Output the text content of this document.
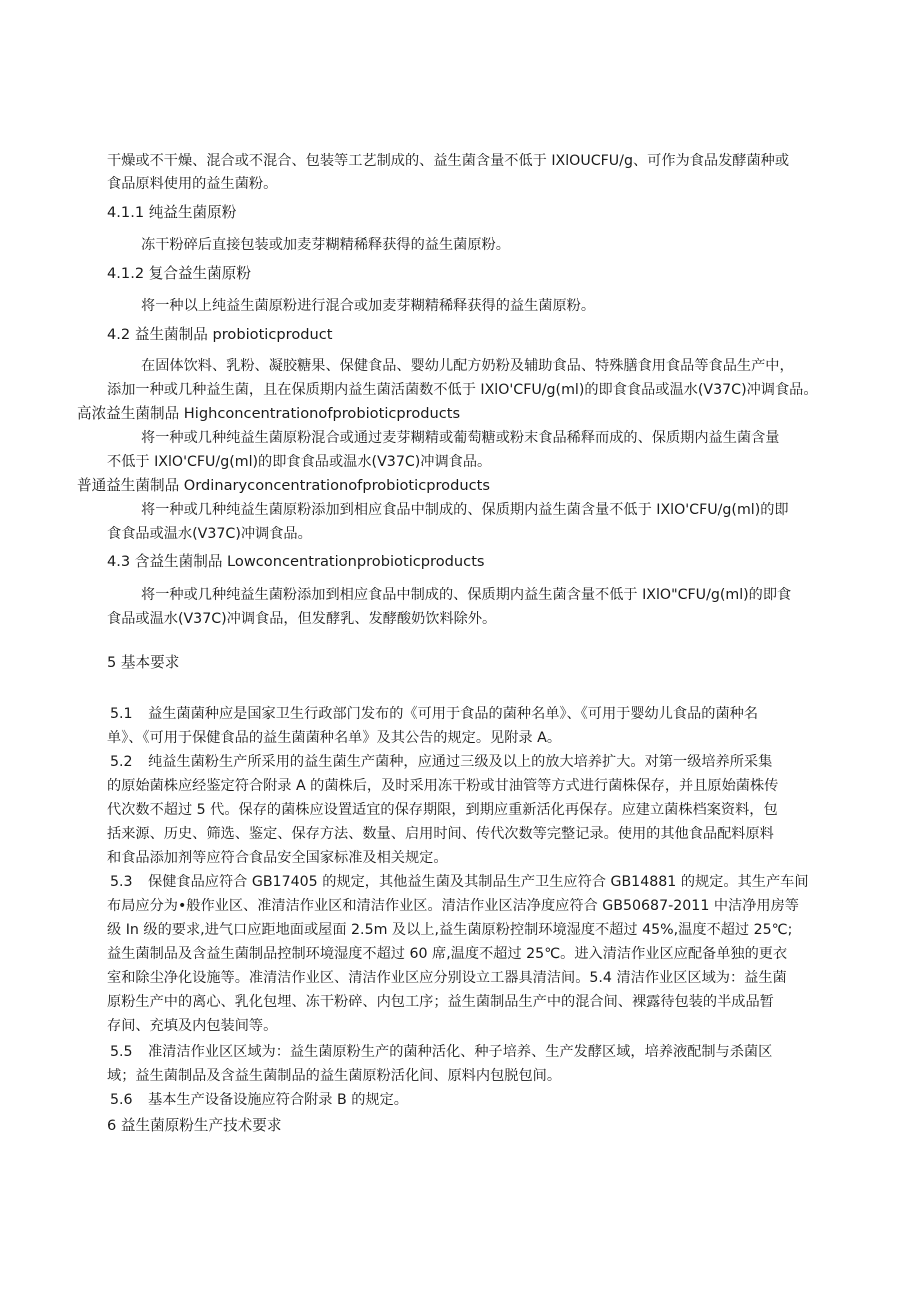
干燥或不干燥、混合或不混合、包装等工艺制成的、益生菌含量不低于 IXlOUCFU/g、可作为食品发酵菌种或
食品原料使用的益生菌粉。
4.1.1 纯益生菌原粉
冻干粉碎后直接包装或加麦芽糊精稀释获得的益生菌原粉。
4.1.2 复合益生菌原粉
将一种以上纯益生菌原粉进行混合或加麦芽糊精稀释获得的益生菌原粉。
4.2 益生菌制品 probioticproduct
在固体饮料、乳粉、凝胶糖果、保健食品、婴幼儿配方奶粉及辅助食品、特殊膳食用食品等食品生产中，
添加一种或几种益生菌，且在保质期内益生菌活菌数不低于 IXlO'CFU/g(ml)的即食食品或温水(V37C)冲调食品。
高浓益生菌制品 Highconcentrationofprobioticproducts
将一种或几种纯益生菌原粉混合或通过麦芽糊精或葡萄糖或粉末食品稀释而成的、保质期内益生菌含量
不低于 IXlO'CFU/g(ml)的即食食品或温水(V37C)冲调食品。
普通益生菌制品 Ordinaryconcentrationofprobioticproducts
将一种或几种纯益生菌原粉添加到相应食品中制成的、保质期内益生菌含量不低于 IXlO'CFU∕g(ml)的即
食食品或温水(V37C)冲调食品。
4.3 含益生菌制品 Lowconcentrationprobioticproducts
将一种或几种纯益生菌粉添加到相应食品中制成的、保质期内益生菌含量不低于 IXlO"CFU∕g(ml)的即食
食品或温水(V37C)冲调食品，但发酵乳、发酵酸奶饮料除外。
5 基本要求
5.1 益生菌菌种应是国家卫生行政部门发布的《可用于食品的菌种名单》、《可用于婴幼儿食品的菌种名
单》、《可用于保健食品的益生菌菌种名单》及其公告的规定。见附录 A。
5.2 纯益生菌粉生产所采用的益生菌生产菌种，应通过三级及以上的放大培养扩大。对第一级培养所采集
的原始菌株应经鉴定符合附录 A 的菌株后，及时采用冻干粉或甘油管等方式进行菌株保存，并且原始菌株传
代次数不超过 5 代。保存的菌株应设置适宜的保存期限，到期应重新活化再保存。应建立菌株档案资料，包
括来源、历史、筛选、鉴定、保存方法、数量、启用时间、传代次数等完整记录。使用的其他食品配料原料
和食品添加剂等应符合食品安全国家标准及相关规定。
5.3 保健食品应符合 GB17405 的规定，其他益生菌及其制品生产卫生应符合 GB14881 的规定。其生产车间
布局应分为•般作业区、准清洁作业区和清洁作业区。清洁作业区洁净度应符合 GB50687-2011 中洁净用房等
级 In 级的要求,进气口应距地面或屋面 2.5m 及以上,益生菌原粉控制环境湿度不超过 45%,温度不超过 25℃;
益生菌制品及含益生菌制品控制环境湿度不超过 60 席,温度不超过 25℃。进入清洁作业区应配备单独的更衣
室和除尘净化设施等。准清洁作业区、清洁作业区应分别设立工器具清洁间。5.4 清洁作业区区域为：益生菌
原粉生产中的离心、乳化包埋、冻干粉碎、内包工序；益生菌制品生产中的混合间、裸露待包装的半成品暂
存间、充填及内包装间等。
5.5 准清洁作业区区域为：益生菌原粉生产的菌种活化、种子培养、生产发酵区域，培养液配制与杀菌区
域；益生菌制品及含益生菌制品的益生菌原粉活化间、原料内包脱包间。
5.6 基本生产设备设施应符合附录 B 的规定。
6 益生菌原粉生产技术要求
